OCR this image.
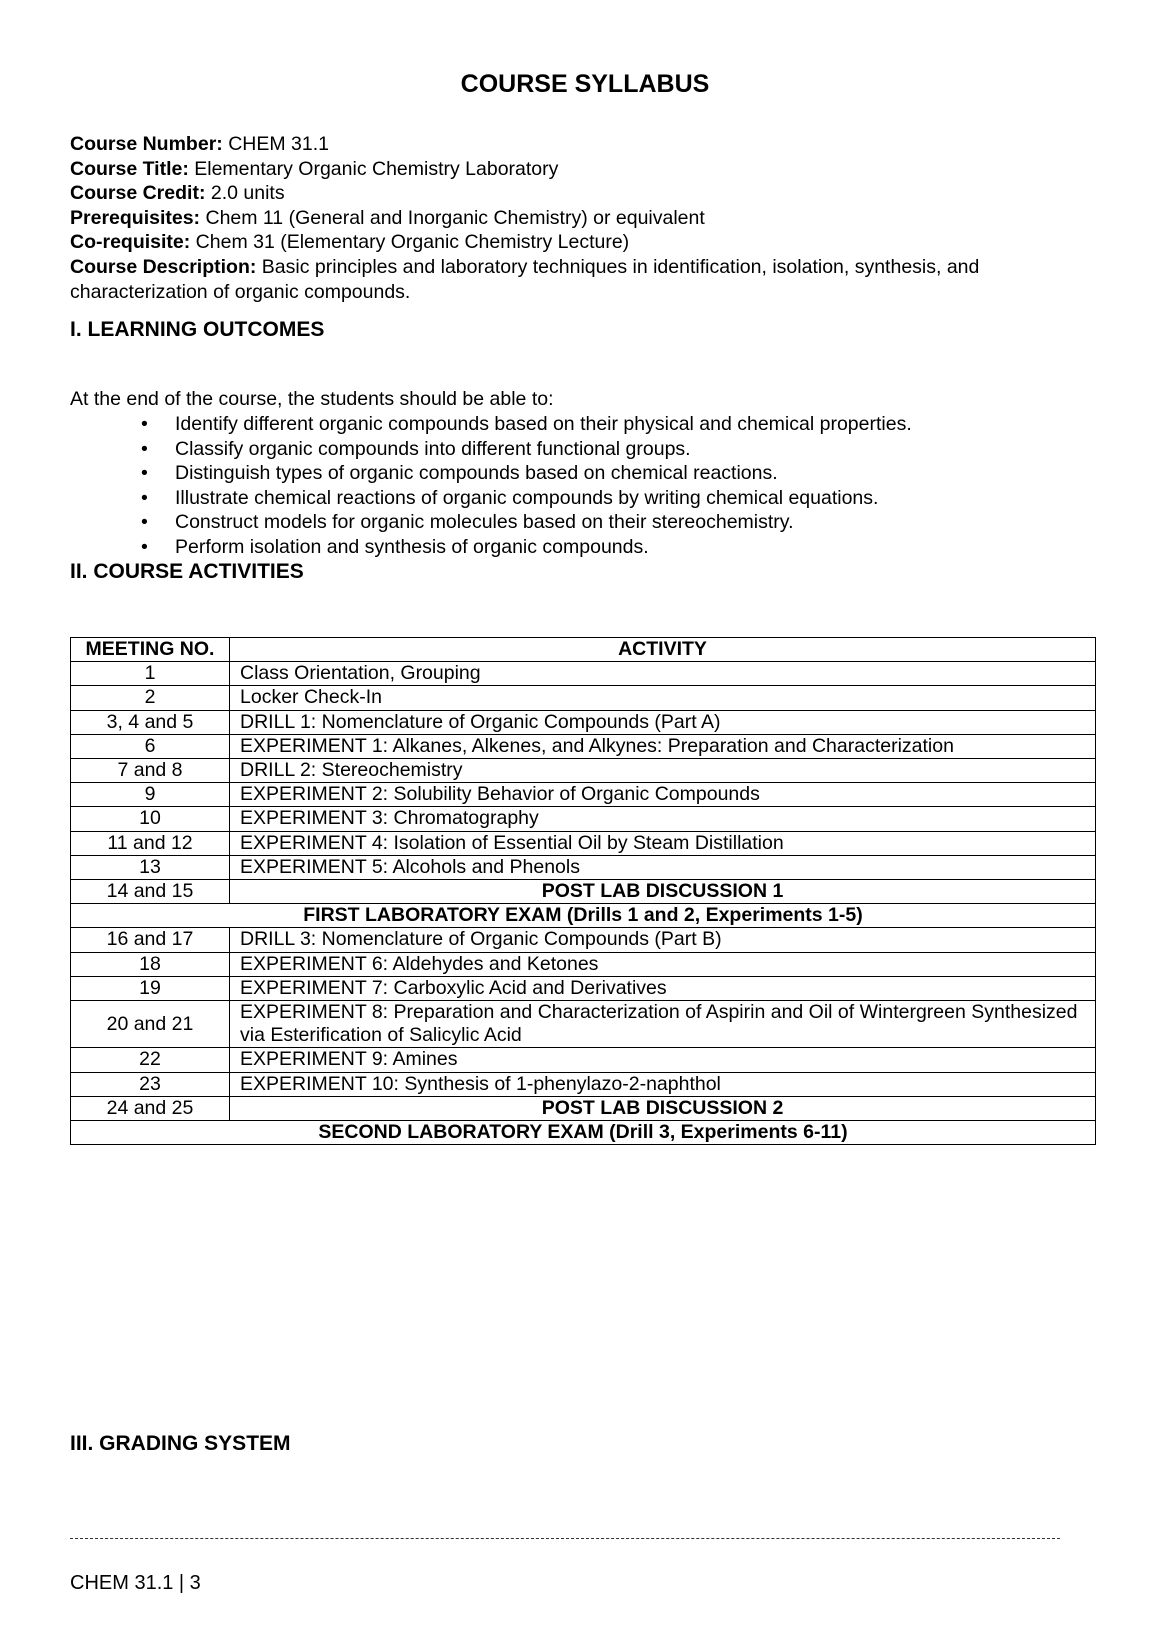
COURSE SYLLABUS
Course Number: CHEM 31.1
Course Title: Elementary Organic Chemistry Laboratory
Course Credit: 2.0 units
Prerequisites: Chem 11 (General and Inorganic Chemistry) or equivalent
Co-requisite: Chem 31 (Elementary Organic Chemistry Lecture)
Course Description: Basic principles and laboratory techniques in identification, isolation, synthesis, and characterization of organic compounds.
I. LEARNING OUTCOMES
At the end of the course, the students should be able to:
• Identify different organic compounds based on their physical and chemical properties.
• Classify organic compounds into different functional groups.
• Distinguish types of organic compounds based on chemical reactions.
• Illustrate chemical reactions of organic compounds by writing chemical equations.
• Construct models for organic molecules based on their stereochemistry.
• Perform isolation and synthesis of organic compounds.
II. COURSE ACTIVITIES
MEETING NO.	ACTIVITY
1	Class Orientation, Grouping
2	Locker Check-In
3, 4 and 5	DRILL 1: Nomenclature of Organic Compounds (Part A)
6	EXPERIMENT 1: Alkanes, Alkenes, and Alkynes: Preparation and Characterization
7 and 8	DRILL 2: Stereochemistry
9	EXPERIMENT 2: Solubility Behavior of Organic Compounds
10	EXPERIMENT 3: Chromatography
11 and 12	EXPERIMENT 4: Isolation of Essential Oil by Steam Distillation
13	EXPERIMENT 5: Alcohols and Phenols
14 and 15	POST LAB DISCUSSION 1
FIRST LABORATORY EXAM (Drills 1 and 2, Experiments 1-5)	
16 and 17	DRILL 3: Nomenclature of Organic Compounds (Part B)
18	EXPERIMENT 6: Aldehydes and Ketones
19	EXPERIMENT 7: Carboxylic Acid and Derivatives
20 and 21	EXPERIMENT 8: Preparation and Characterization of Aspirin and Oil of Wintergreen Synthesized via Esterification of Salicylic Acid
22	EXPERIMENT 9: Amines
23	EXPERIMENT 10: Synthesis of 1-phenylazo-2-naphthol
24 and 25	POST LAB DISCUSSION 2
SECOND LABORATORY EXAM (Drill 3, Experiments 6-11)	
III. GRADING SYSTEM
CHEM 31.1 | 3
